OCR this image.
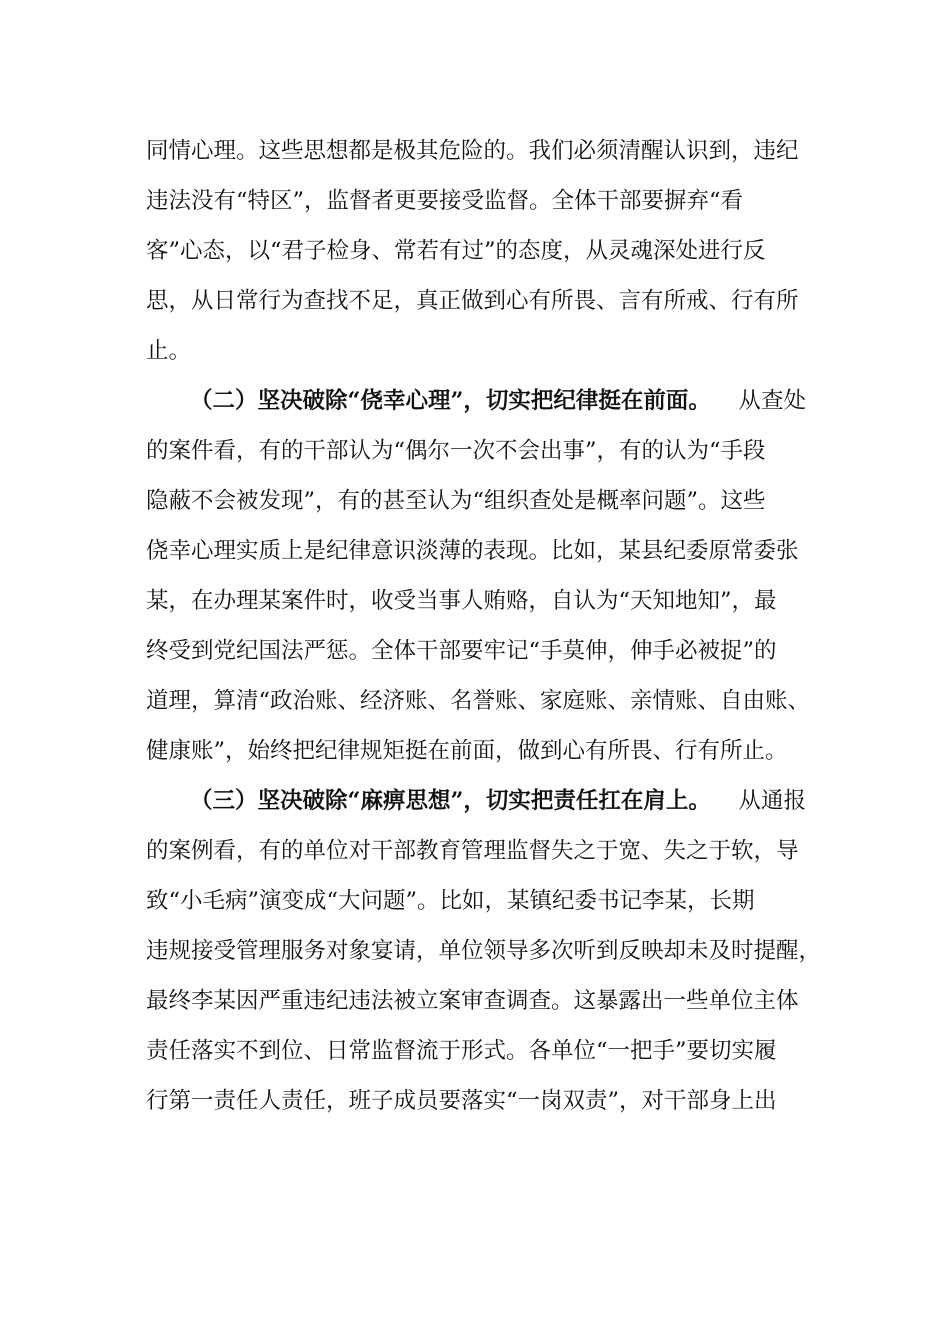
同情心理。这些思想都是极其危险的。我们必须清醒认识到，违纪
违法没有“特区”，监督者更要接受监督。全体干部要摒弃“看
客”心态，以“君子检身、常若有过”的态度，从灵魂深处进行反
思，从日常行为查找不足，真正做到心有所畏、言有所戒、行有所
止。
（二）坚决破除“侥幸心理”，切实把纪律挺在前面。 从查处
的案件看，有的干部认为“偶尔一次不会出事”，有的认为“手段
隐蔽不会被发现”，有的甚至认为“组织查处是概率问题”。这些
侥幸心理实质上是纪律意识淡薄的表现。比如，某县纪委原常委张
某，在办理某案件时，收受当事人贿赂，自认为“天知地知”，最
终受到党纪国法严惩。全体干部要牢记“手莫伸，伸手必被捉”的
道理，算清“政治账、经济账、名誉账、家庭账、亲情账、自由账、
健康账”，始终把纪律规矩挺在前面，做到心有所畏、行有所止。
（三）坚决破除“麻痹思想”，切实把责任扛在肩上。 从通报
的案例看，有的单位对干部教育管理监督失之于宽、失之于软，导
致“小毛病”演变成“大问题”。比如，某镇纪委书记李某，长期
违规接受管理服务对象宴请，单位领导多次听到反映却未及时提醒，
最终李某因严重违纪违法被立案审查调查。这暴露出一些单位主体
责任落实不到位、日常监督流于形式。各单位“一把手”要切实履
行第一责任人责任，班子成员要落实“一岗双责”，对干部身上出
